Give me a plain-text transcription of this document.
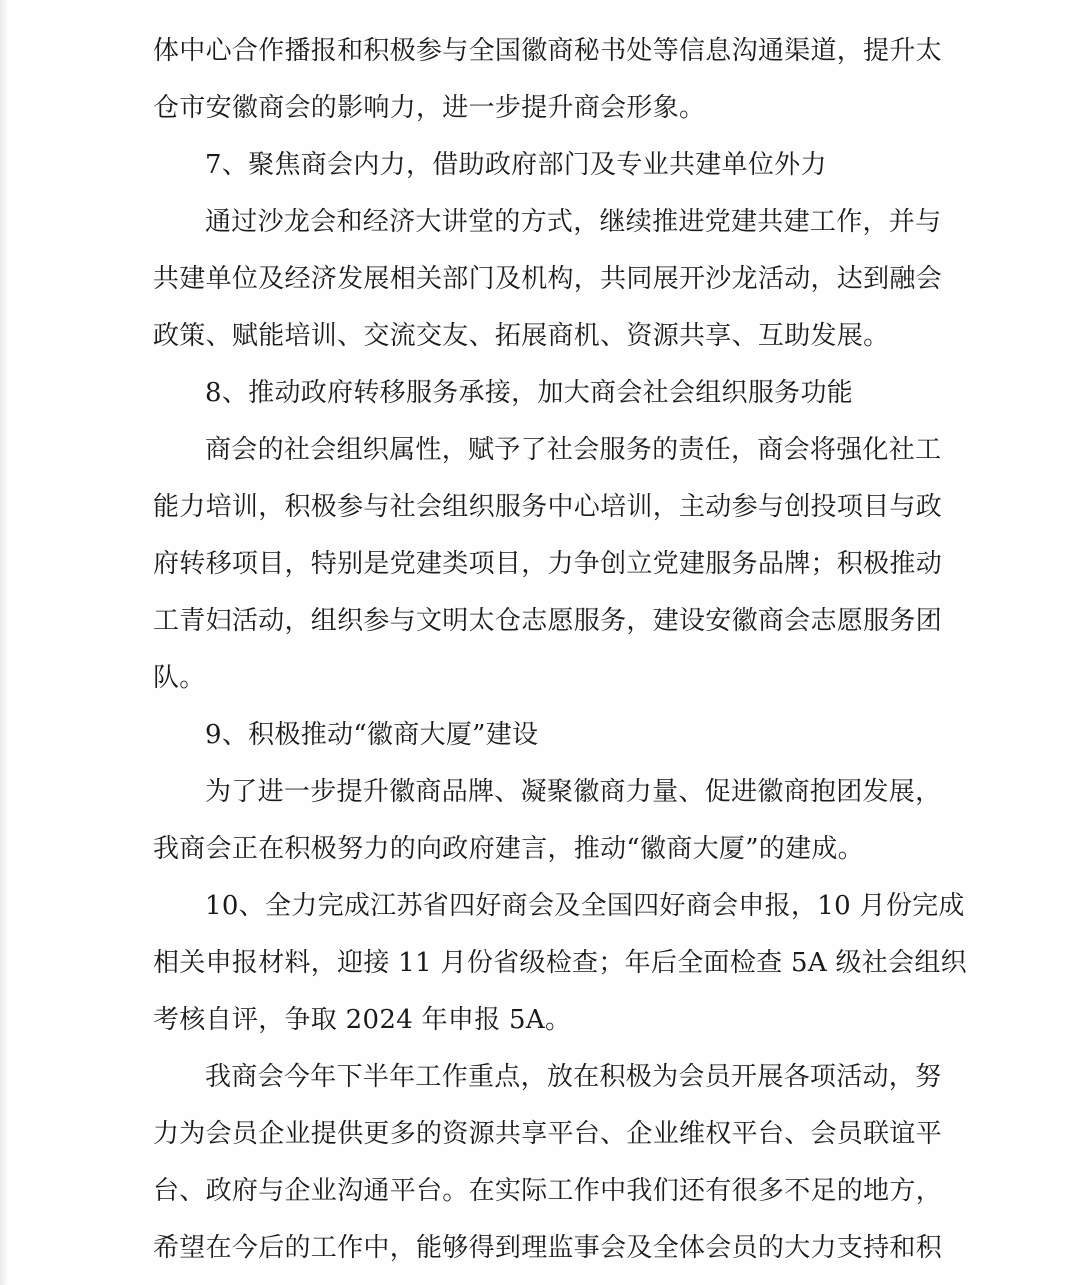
体中心合作播报和积极参与全国徽商秘书处等信息沟通渠道，提升太
仓市安徽商会的影响力，进一步提升商会形象。
7、聚焦商会内力，借助政府部门及专业共建单位外力
通过沙龙会和经济大讲堂的方式，继续推进党建共建工作，并与
共建单位及经济发展相关部门及机构，共同展开沙龙活动，达到融会
政策、赋能培训、交流交友、拓展商机、资源共享、互助发展。
8、推动政府转移服务承接，加大商会社会组织服务功能
商会的社会组织属性，赋予了社会服务的责任，商会将强化社工
能力培训，积极参与社会组织服务中心培训，主动参与创投项目与政
府转移项目，特别是党建类项目，力争创立党建服务品牌；积极推动
工青妇活动，组织参与文明太仓志愿服务，建设安徽商会志愿服务团
队。
9、积极推动“徽商大厦”建设
为了进一步提升徽商品牌、凝聚徽商力量、促进徽商抱团发展，
我商会正在积极努力的向政府建言，推动“徽商大厦”的建成。
10、全力完成江苏省四好商会及全国四好商会申报，10 月份完成
相关申报材料，迎接 11 月份省级检查；年后全面检查 5A 级社会组织
考核自评，争取 2024 年申报 5A。
我商会今年下半年工作重点，放在积极为会员开展各项活动，努
力为会员企业提供更多的资源共享平台、企业维权平台、会员联谊平
台、政府与企业沟通平台。在实际工作中我们还有很多不足的地方，
希望在今后的工作中，能够得到理监事会及全体会员的大力支持和积
